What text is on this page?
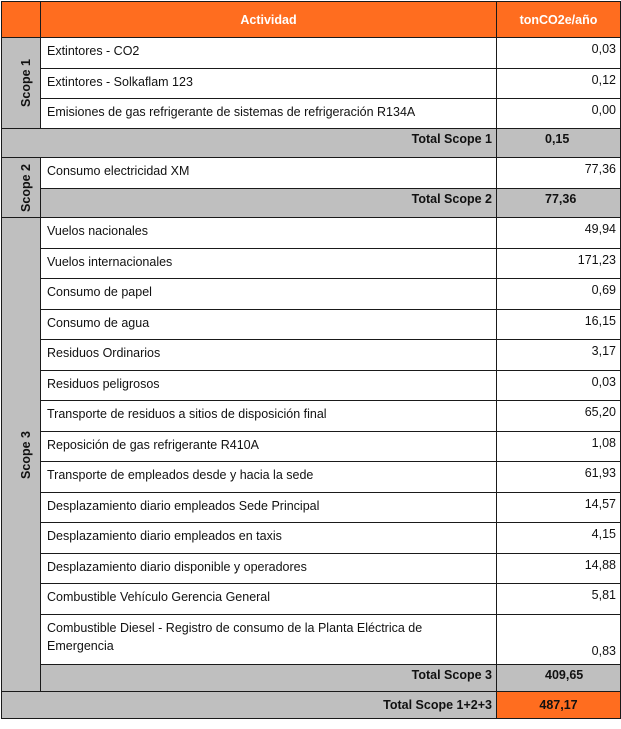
	Actividad	tonCO2e/año
Scope 1	Extintores - CO2	0,03
	Extintores - Solkaflam 123	0,12
	Emisiones de gas refrigerante de sistemas de refrigeración R134A	0,00
Total Scope 1		0,15
Scope 2	Consumo electricidad XM	77,36
	Total Scope 2	77,36
Scope 3	Vuelos nacionales	49,94
	Vuelos internacionales	171,23
	Consumo de papel	0,69
	Consumo de agua	16,15
	Residuos Ordinarios	3,17
	Residuos peligrosos	0,03
	Transporte de residuos a sitios de disposición final	65,20
	Reposición de gas refrigerante R410A	1,08
	Transporte de empleados desde y hacia la sede	61,93
	Desplazamiento diario empleados Sede Principal	14,57
	Desplazamiento diario empleados en taxis	4,15
	Desplazamiento diario disponible y operadores	14,88
	Combustible Vehículo Gerencia General	5,81
	Combustible Diesel - Registro de consumo de la Planta Eléctrica de Emergencia	0,83
	Total Scope 3	409,65
Total Scope 1+2+3		487,17
